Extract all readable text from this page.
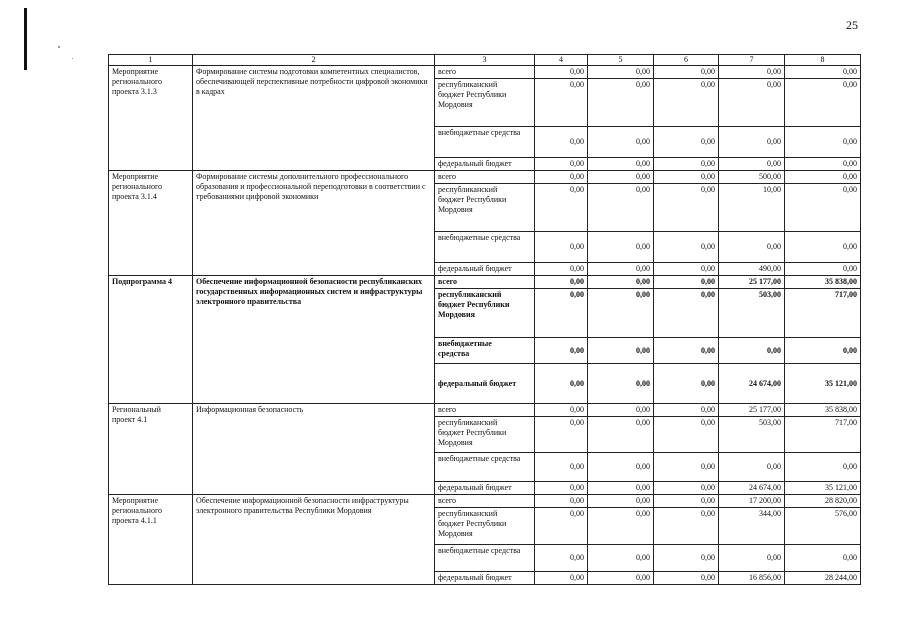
25
1	2	3	4	5	6	7	8

Мероприятие
регионального
проекта 3.1.3	Формирование системы подготовки компетентных специалистов, обеспечивающей перспективные потребности цифровой экономики в кадрах	всего	0,00	0,00	0,00	0,00	0,00

		республиканский
бюджет Республики
Мордовия	0,00	0,00	0,00	0,00	0,00
		внебюджетные средства	0,00	0,00	0,00	0,00	0,00
		федеральный бюджет	0,00	0,00	0,00	0,00	0,00

Мероприятие
регионального
проекта 3.1.4	Формирование системы дополнительного профессионального образования и профессиональной переподготовки в соответствии с требованиями цифровой экономики	всего	0,00	0,00	0,00	500,00	0,00

		республиканский
бюджет Республики
Мордовия	0,00	0,00	0,00	10,00	0,00
		внебюджетные средства	0,00	0,00	0,00	0,00	0,00
		федеральный бюджет	0,00	0,00	0,00	490,00	0,00

Подпрограмма 4	Обеспечение информационной безопасности республиканских государственных информационных систем и инфраструктуры электронного правительства	всего	0,00	0,00	0,00	25 177,00	35 838,00

		республиканский
бюджет Республики
Мордовия	0,00	0,00	0,00	503,00	717,00

		внебюджетные
средства	0,00	0,00	0,00	0,00	0,00
		федеральный бюджет	0,00	0,00	0,00	24 674,00	35 121,00

Региональный
проект 4.1	Информационная безопасность	всего	0,00	0,00	0,00	25 177,00	35 838,00

		республиканский
бюджет Республики
Мордовия	0,00	0,00	0,00	503,00	717,00
		внебюджетные средства	0,00	0,00	0,00	0,00	0,00
		федеральный бюджет	0,00	0,00	0,00	24 674,00	35 121,00

Мероприятие
регионального
проекта 4.1.1	Обеспечение информационной безопасности инфраструктуры электронного правительства Республики Мордовия	всего	0,00	0,00	0,00	17 200,00	28 820,00

		республиканский
бюджет Республики
Мордовия	0,00	0,00	0,00	344,00	576,00
		внебюджетные средства	0,00	0,00	0,00	0,00	0,00
		федеральный бюджет	0,00	0,00	0,00	16 856,00	28 244,00
